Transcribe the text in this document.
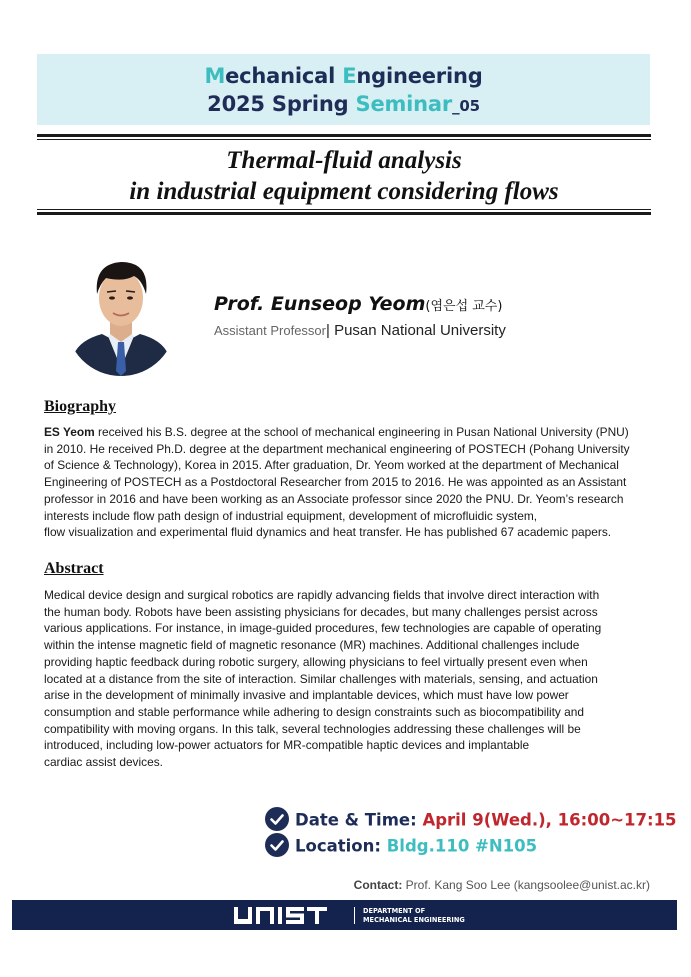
Mechanical Engineering
2025 Spring Seminar_05
Thermal-fluid analysis
in industrial equipment considering flows
Prof. Eunseop Yeom(염은섭 교수)
Assistant Professor| Pusan National University
Biography
ES Yeom received his B.S. degree at the school of mechanical engineering in Pusan National University (PNU)
in 2010. He received Ph.D. degree at the department mechanical engineering of POSTECH (Pohang University
of Science & Technology), Korea in 2015. After graduation, Dr. Yeom worked at the department of Mechanical
Engineering of POSTECH as a Postdoctoral Researcher from 2015 to 2016. He was appointed as an Assistant
professor in 2016 and have been working as an Associate professor since 2020 the PNU. Dr. Yeom’s research
interests include flow path design of industrial equipment, development of microfluidic system,
flow visualization and experimental fluid dynamics and heat transfer. He has published 67 academic papers.
Abstract
Medical device design and surgical robotics are rapidly advancing fields that involve direct interaction with
the human body. Robots have been assisting physicians for decades, but many challenges persist across
various applications. For instance, in image-guided procedures, few technologies are capable of operating
within the intense magnetic field of magnetic resonance (MR) machines. Additional challenges include
providing haptic feedback during robotic surgery, allowing physicians to feel virtually present even when
located at a distance from the site of interaction. Similar challenges with materials, sensing, and actuation
arise in the development of minimally invasive and implantable devices, which must have low power
consumption and stable performance while adhering to design constraints such as biocompatibility and
compatibility with moving organs. In this talk, several technologies addressing these challenges will be
introduced, including low-power actuators for MR-compatible haptic devices and implantable
cardiac assist devices.
Date & Time: April 9(Wed.), 16:00~17:15
Location: Bldg.110 #N105
Contact: Prof. Kang Soo Lee (kangsoolee@unist.ac.kr)
DEPARTMENT OF
MECHANICAL ENGINEERING
